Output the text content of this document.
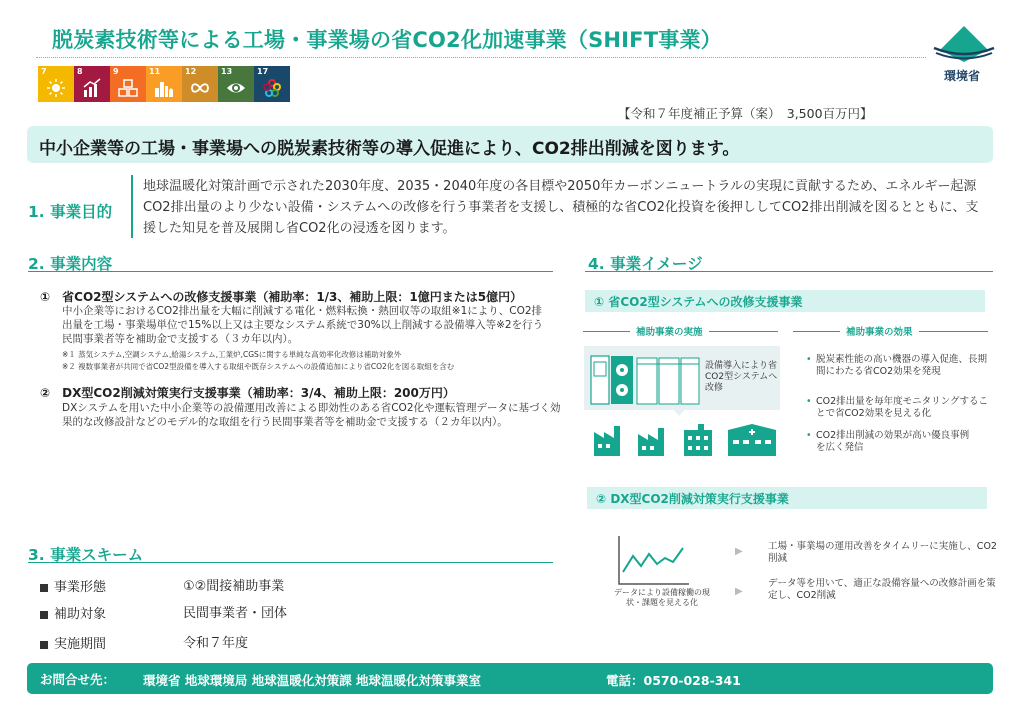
脱炭素技術等による工場・事業場の省CO2化加速事業（SHIFT事業）
環境省
7	8	9	11	12	13	17
【令和７年度補正予算（案）　3,500百万円】
中小企業等の工場・事業場への脱炭素技術等の導入促進により、CO2排出削減を図ります。
1. 事業目的
地球温暖化対策計画で示された2030年度、2035・2040年度の各目標や2050年カーボンニュートラルの実現に貢献するため、エネルギー起源CO2排出量のより少ない設備・システムへの改修を行う事業者を支援し、積極的な省CO2化投資を後押ししてCO2排出削減を図るとともに、支援した知見を普及展開し省CO2化の浸透を図ります。
2. 事業内容
①　省CO2型システムへの改修支援事業（補助率：1/3、補助上限：1億円または5億円）
中小企業等におけるCO2排出量を大幅に削減する電化・燃料転換・熱回収等の取組※1により、CO2排出量を工場・事業場単位で15%以上又は主要なシステム系統で30%以上削減する設備導入等※2を行う民間事業者等を補助金で支援する（３カ年以内）。
※１ 蒸気システム,空調システム,給湯システム,工業炉,CGSに関する単純な高効率化改修は補助対象外
※２ 複数事業者が共同で省CO2型設備を導入する取組や既存システムへの設備追加により省CO2化を図る取組を含む
②　DX型CO2削減対策実行支援事業（補助率：3/4、補助上限：200万円）
DXシステムを用いた中小企業等の設備運用改善による即効性のある省CO2化や運転管理データに基づく効果的な改修設計などのモデル的な取組を行う民間事業者等を補助金で支援する（２カ年以内）。
3. 事業スキーム
事業形態	①②間接補助事業
補助対象	民間事業者・団体
実施期間	令和７年度
4. 事業イメージ
① 省CO2型システムへの改修支援事業
補助事業の実施	補助事業の効果
設備導入により省CO2型システムへ改修
• 脱炭素性能の高い機器の導入促進、長期間にわたる省CO2効果を発現
• CO2排出量を毎年度モニタリングすることで省CO2効果を見える化
• CO2排出削減の効果が高い優良事例を広く発信
② DX型CO2削減対策実行支援事業
データにより設備稼働の現状・課題を見える化
▶	工場・事業場の運用改善をタイムリーに実施し、CO2削減
▶
データ等を用いて、適正な設備容量への改修計画を策定し、CO2削減
お問合せ先： 環境省 地球環境局 地球温暖化対策課 地球温暖化対策事業室	電話：0570-028-341
